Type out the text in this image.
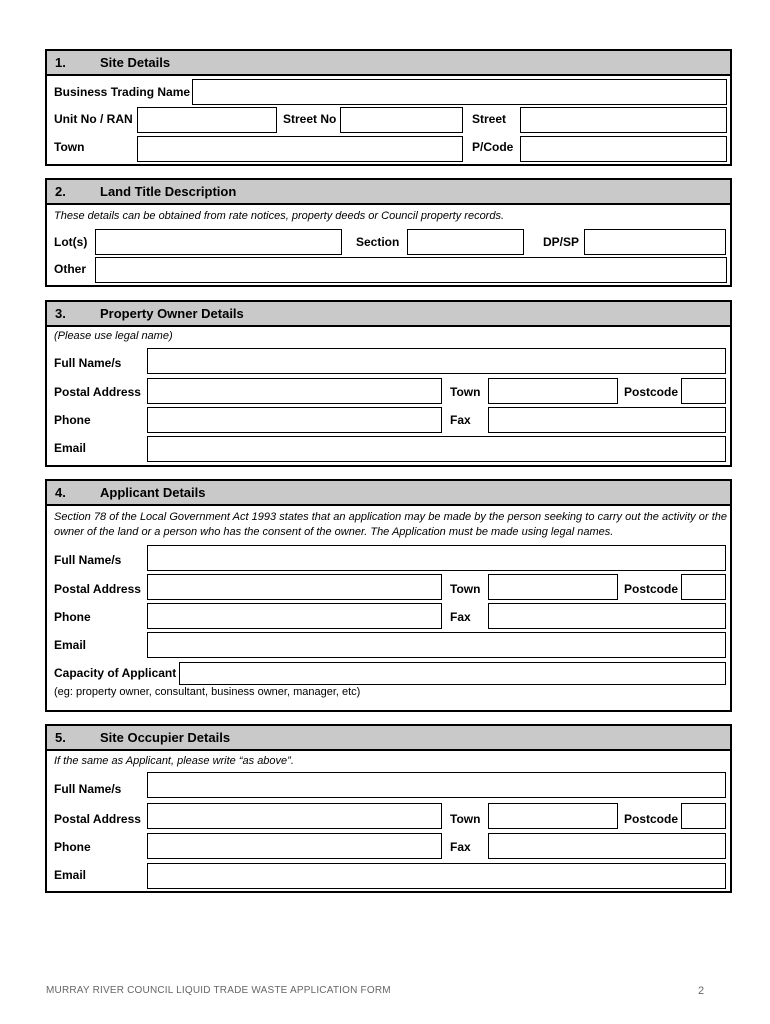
1.	Site Details
Business Trading Name
Unit No / RAN	Street No	Street
Town	P/Code
2.	Land Title Description
These details can be obtained from rate notices, property deeds or Council property records.
Lot(s)	Section	DP/SP
Other
3.	Property Owner Details
(Please use legal name)
Full Name/s
Postal Address	Town	Postcode
Phone	Fax
Email
4.	Applicant Details
Section 78 of the Local Government Act 1993 states that an application may be made by the person seeking to carry out the activity or the owner of the land or a person who has the consent of the owner. The Application must be made using legal names.
Full Name/s
Postal Address	Town	Postcode
Phone	Fax
Email
Capacity of Applicant
(eg: property owner, consultant, business owner, manager, etc)
5.	Site Occupier Details
If the same as Applicant, please write “as above”.
Full Name/s
Postal Address	Town	Postcode
Phone	Fax
Email
MURRAY RIVER COUNCIL LIQUID TRADE WASTE APPLICATION FORM	2
